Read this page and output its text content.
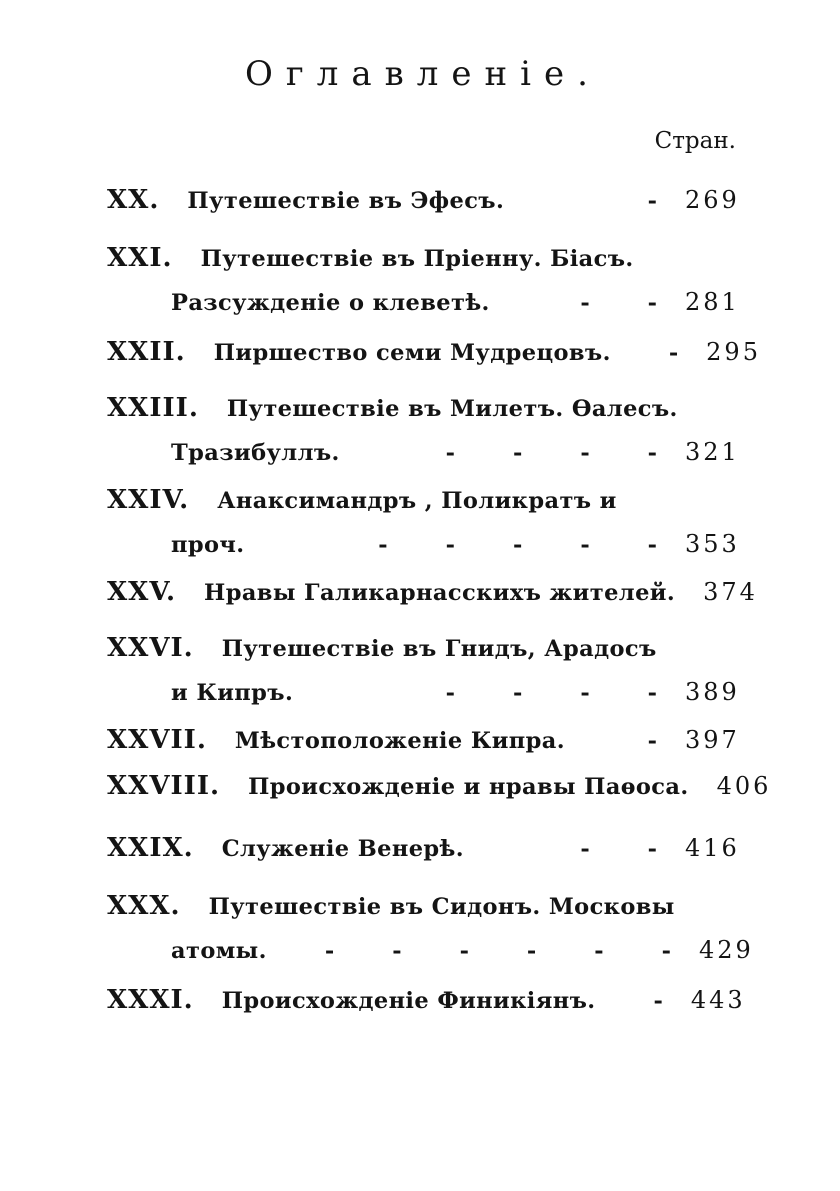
Оглавленіе.
Стран.
XX. Путешествіе въ Эфесъ.	-	269
XXI. Путешествіе въ Пріенну. Біасъ.
Разсужденіе о клеветѣ.	-	-	281
XXII. Пиршество семи Мудрецовъ.	-	295
XXIII. Путешествіе въ Милетъ. Ѳалесъ.
Тразибуллъ.	-	-	-	-	321
XXIV. Анаксимандръ , Поликратъ и
проч.	-	-	-	-	-	353
XXV. Нравы Галикарнасскихъ жителей. 374
XXVI. Путешествіе въ Гнидъ, Арадосъ
и Кипръ.	-	-	-	-	389
XXVII. Мѣстоположеніе Кипра.	-	397
XXVIII. Происхожденіе и нравы Паѳоса. 406
XXIX. Служеніе Венерѣ.	-	-	416
XXX. Путешествіе въ Сидонъ. Московы
атомы.	-	-	-	-	-	-	429
XXXI. Происхожденіе Финикіянъ.	-	443
